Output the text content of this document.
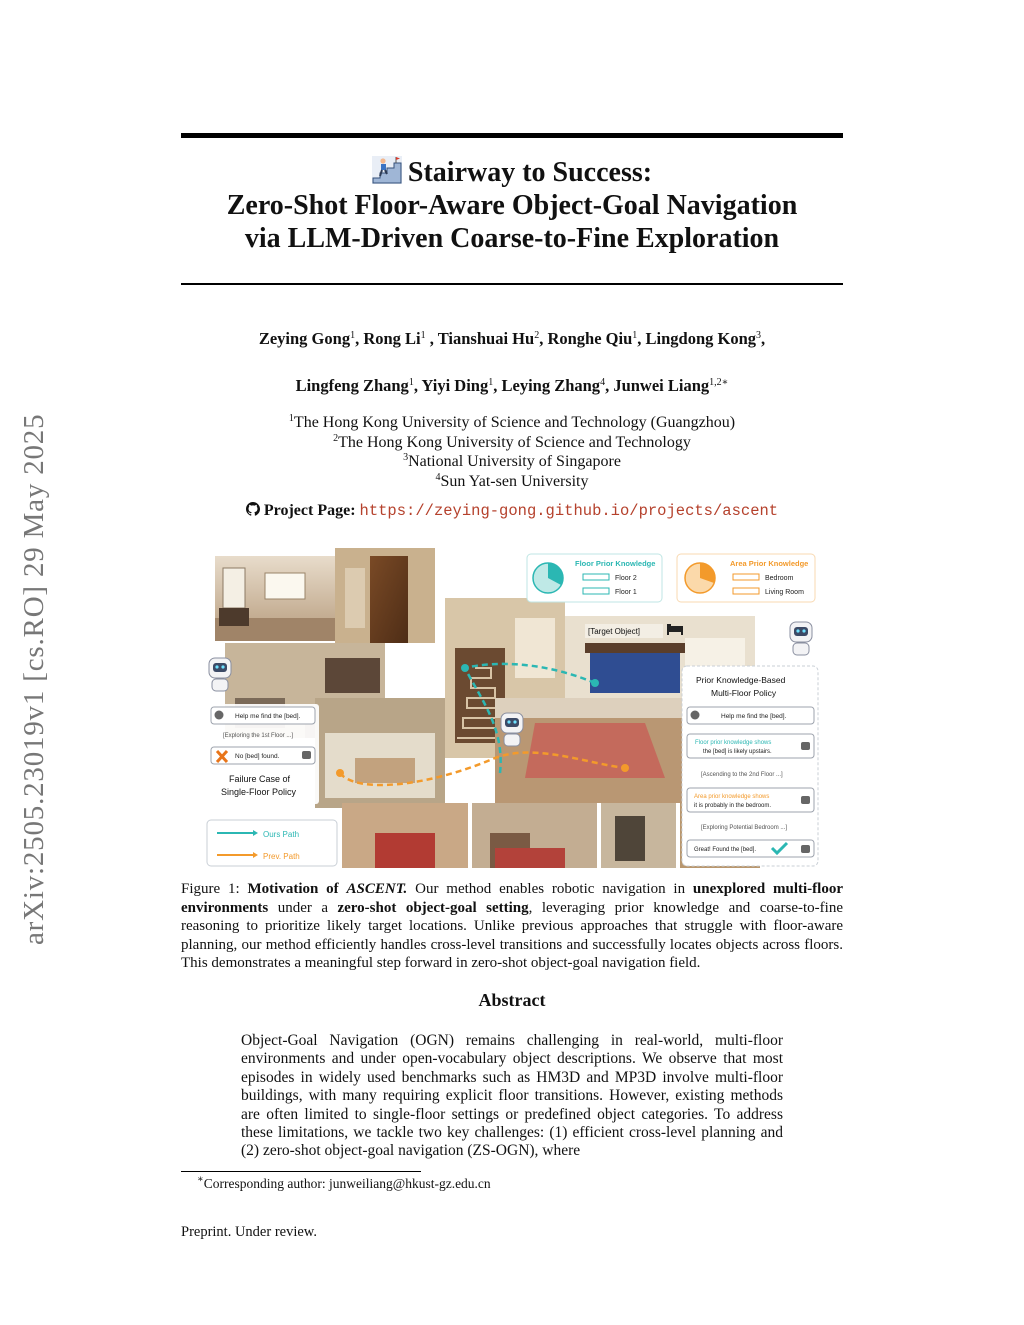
arXiv:2505.23019v1 [cs.RO] 29 May 2025
Stairway to Success:
Zero-Shot Floor-Aware Object-Goal Navigation
via LLM-Driven Coarse-to-Fine Exploration
Zeying Gong$^1$, Rong Li$^1$ , Tianshuai Hu$^2$, Ronghe Qiu$^1$, Lingdong Kong$^3$,
Lingfeng Zhang$^1$, Yiyi Ding$^1$, Leying Zhang$^4$, Junwei Liang$^{1,2∗}$
$^1$The Hong Kong University of Science and Technology (Guangzhou)
$^2$The Hong Kong University of Science and Technology
$^3$National University of Singapore
$^4$Sun Yat-sen University
Project Page: https://zeying-gong.github.io/projects/ascent
Floor Prior Knowledge
Floor 2
Floor 1
Area Prior Knowledge
Bedroom
Living Room
[Target Object]
Help me find the [bed].
[Exploring the 1st Floor ...]
No [bed] found.
Failure Case of
Single-Floor Policy
Ours Path
Prev. Path
Prior Knowledge-Based
Multi-Floor Policy
Help me find the [bed].
Floor prior knowledge shows
the [bed] is likely upstairs.
[Ascending to the 2nd Floor ...]
Area prior knowledge shows
it is probably in the bedroom.
[Exploring Potential Bedroom ...]
Great! Found the [bed].
Figure 1: Motivation of ASCENT. Our method enables robotic navigation in unexplored multi-floor environments under a zero-shot object-goal setting, leveraging prior knowledge and coarse-to-fine reasoning to prioritize likely target locations. Unlike previous approaches that struggle with floor-aware planning, our method efficiently handles cross-level transitions and successfully locates objects across floors. This demonstrates a meaningful step forward in zero-shot object-goal navigation field.
Abstract
Object-Goal Navigation (OGN) remains challenging in real-world, multi-floor environments and under open-vocabulary object descriptions. We observe that most episodes in widely used benchmarks such as HM3D and MP3D involve multi-floor buildings, with many requiring explicit floor transitions. However, existing methods are often limited to single-floor settings or predefined object categories. To address these limitations, we tackle two key challenges: (1) efficient cross-level planning and (2) zero-shot object-goal navigation (ZS-OGN), where
∗Corresponding author: junweiliang@hkust-gz.edu.cn
Preprint. Under review.
